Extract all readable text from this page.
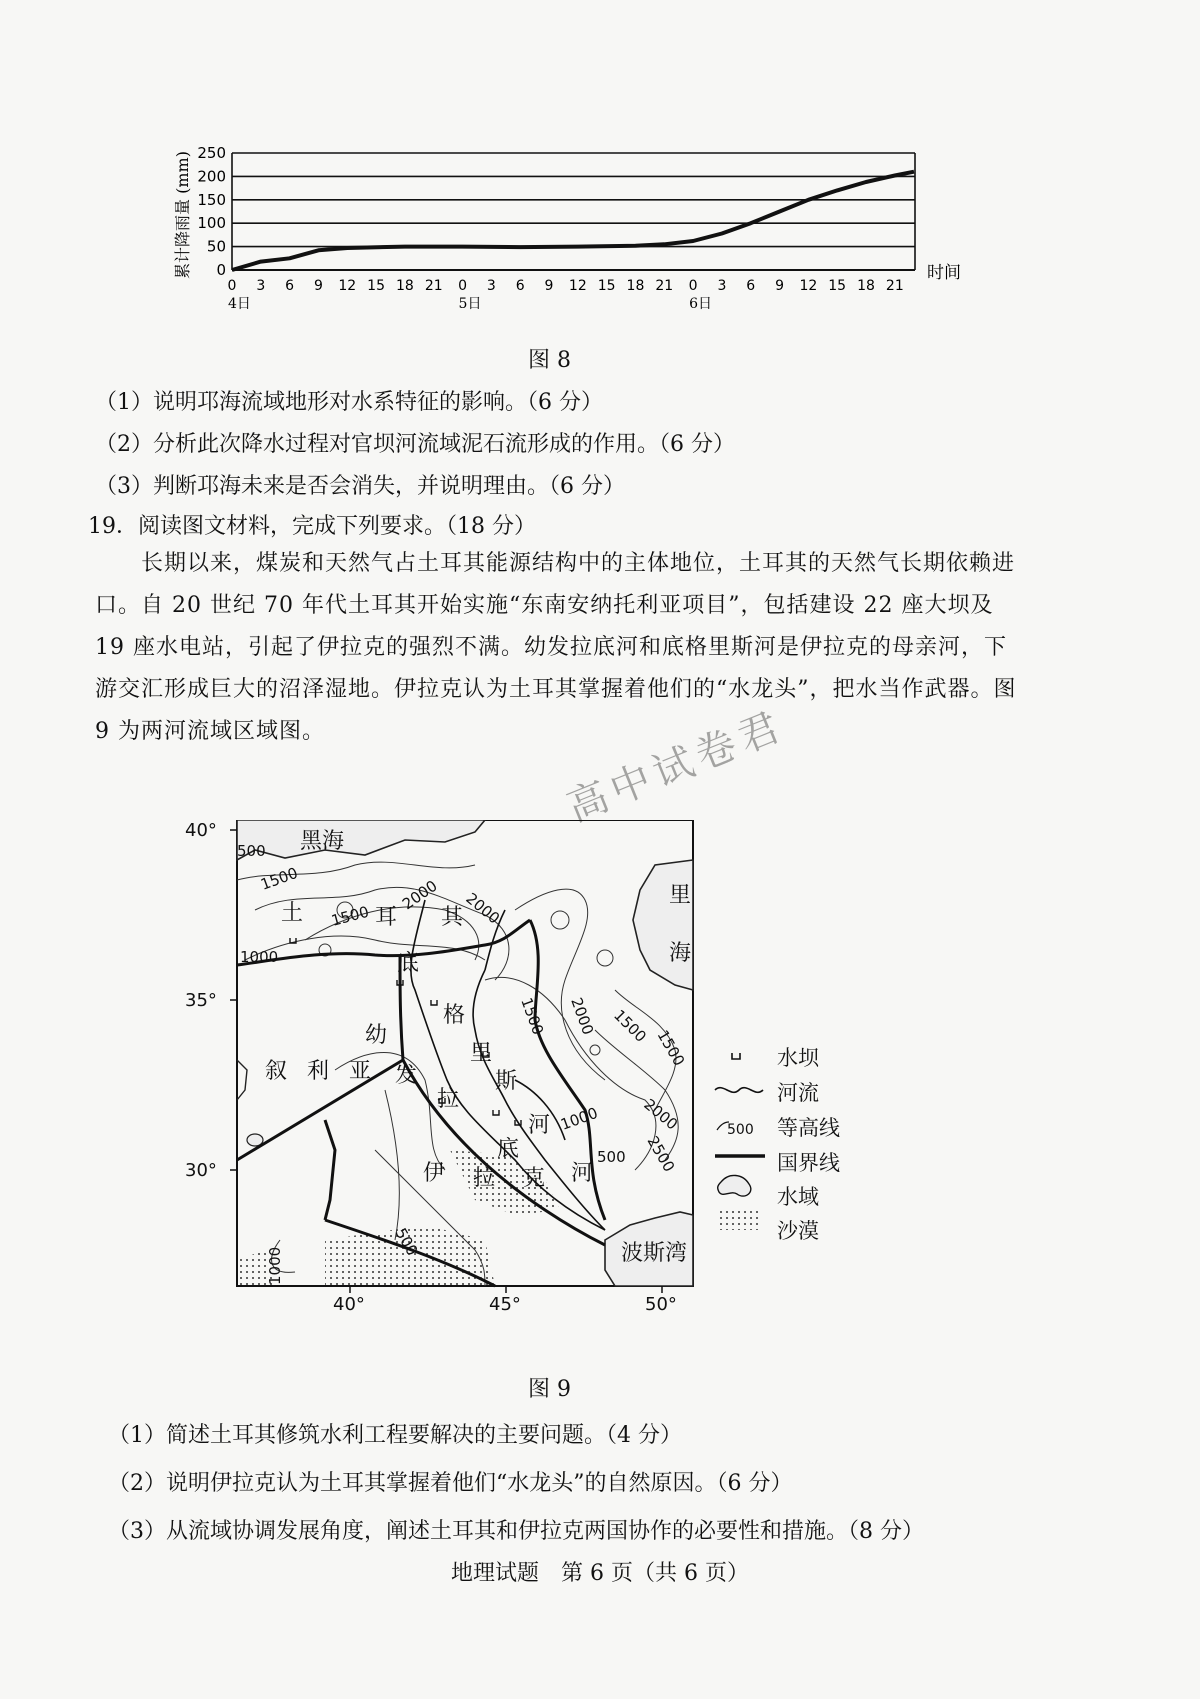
0
50
100
150
200
250
0 3 6 9 12 15 18 21 0 3 6 9 12 15 18 21 0 3 6 9 12 15 18 21
4日	5日	6日
累计降雨量 (mm)	时间
图 8
（1）说明邛海流域地形对水系特征的影响。（6 分）
（2）分析此次降水过程对官坝河流域泥石流形成的作用。（6 分）
（3）判断邛海未来是否会消失，并说明理由。（6 分）
19．阅读图文材料，完成下列要求。（18 分）

长期以来，煤炭和天然气占土耳其能源结构中的主体地位，土耳其的天然气长期依赖进口。自 20 世纪 70 年代土耳其开始实施“东南安纳托利亚项目”，包括建设 22 座大坝及 19 座水电站，引起了伊拉克的强烈不满。幼发拉底河和底格里斯河是伊拉克的母亲河，下游交汇形成巨大的沼泽湿地。伊拉克认为土耳其掌握着他们的“水龙头”，把水当作武器。图 9 为两河流域区域图。	高中试卷君
黑海
里
海
土	耳 其
叙 利 亚
伊 拉 克
幼
发
拉
底
河
底
格
里
斯
河
波斯湾
500
1500	2000 2000
1500
1000
1500 2000 1500
1500
2000
2500
1000
500
500
1000
40°
35°
30°
40°	45°	50°
水坝
河流
等高线
国界线
水域
沙漠
500
图 9
（1）简述土耳其修筑水利工程要解决的主要问题。（4 分）
（2）说明伊拉克认为土耳其掌握着他们“水龙头”的自然原因。（6 分）
（3）从流域协调发展角度，阐述土耳其和伊拉克两国协作的必要性和措施。（8 分）
地理试题　第 6 页（共 6 页）
